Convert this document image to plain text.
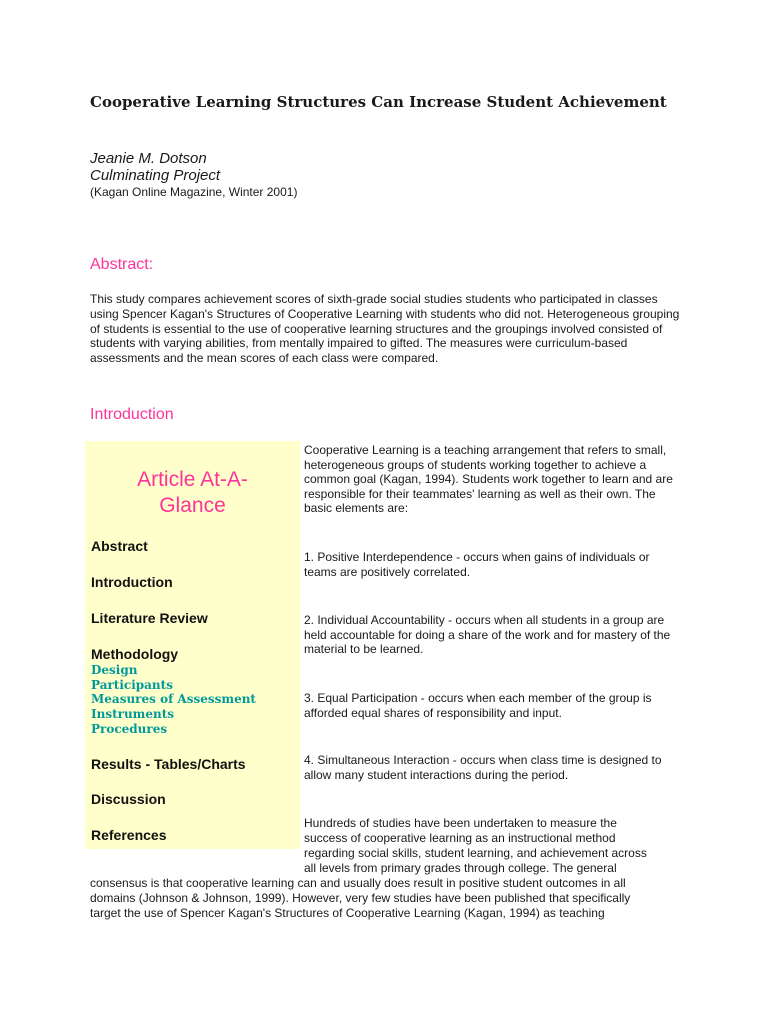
Cooperative Learning Structures Can Increase Student Achievement
Jeanie M. Dotson
Culminating Project
(Kagan Online Magazine, Winter 2001)
Abstract:
This study compares achievement scores of sixth-grade social studies students who participated in classes using Spencer Kagan's Structures of Cooperative Learning with students who did not. Heterogeneous grouping of students is essential to the use of cooperative learning structures and the groupings involved consisted of students with varying abilities, from mentally impaired to gifted. The measures were curriculum-based assessments and the mean scores of each class were compared.
Introduction
Article At-A-
Glance
Abstract
Introduction
Literature Review
Methodology
Design
Participants
Measures of Assessment
Instruments
Procedures
Results - Tables/Charts
Discussion
References
Cooperative Learning is a teaching arrangement that refers to small, heterogeneous groups of students working together to achieve a common goal (Kagan, 1994). Students work together to learn and are responsible for their teammates' learning as well as their own. The basic elements are:
1. Positive Interdependence - occurs when gains of individuals or teams are positively correlated.
2. Individual Accountability - occurs when all students in a group are held accountable for doing a share of the work and for mastery of the material to be learned.
3. Equal Participation - occurs when each member of the group is afforded equal shares of responsibility and input.
4. Simultaneous Interaction - occurs when class time is designed to allow many student interactions during the period.
Hundreds of studies have been undertaken to measure the
success of cooperative learning as an instructional method
regarding social skills, student learning, and achievement across
all levels from primary grades through college. The general
consensus is that cooperative learning can and usually does result in positive student outcomes in all
domains (Johnson & Johnson, 1999). However, very few studies have been published that specifically
target the use of Spencer Kagan's Structures of Cooperative Learning (Kagan, 1994) as teaching
